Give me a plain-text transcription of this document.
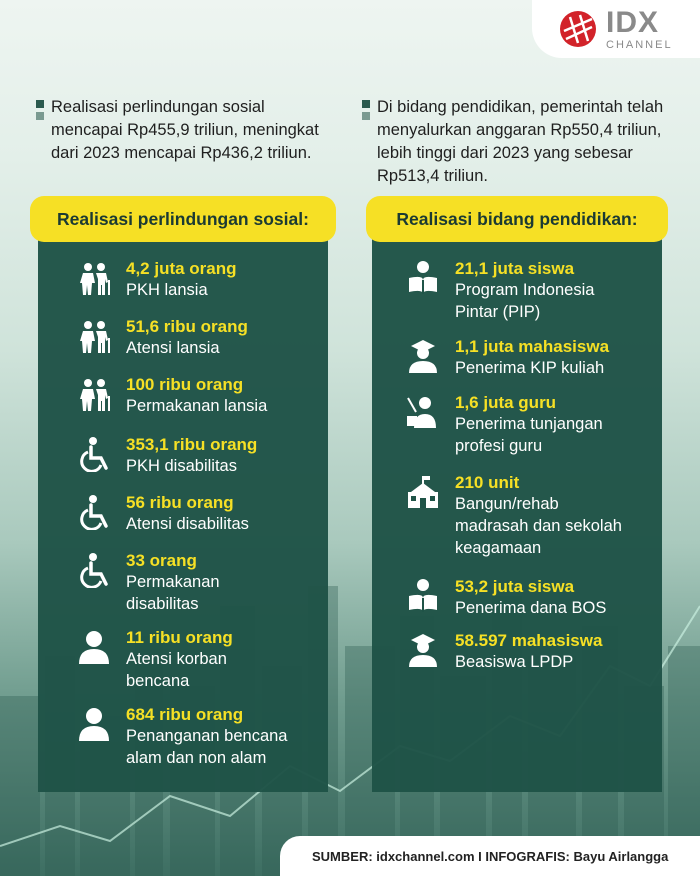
IDX
CHANNEL

Realisasi perlindungan sosial mencapai Rp455,9 triliun, meningkat dari 2023 mencapai Rp436,2 triliun.

Di bidang pendidikan, pemerintah telah menyalurkan anggaran Rp550,4 triliun, lebih tinggi dari 2023 yang sebesar Rp513,4 triliun.

Realisasi perlindungan sosial:	Realisasi bidang pendidikan:
4,2 juta orang
PKH lansia
51,6 ribu orang
Atensi lansia
100 ribu orang
Permakanan lansia
353,1 ribu orang
PKH disabilitas
56 ribu orang
Atensi disabilitas
33 orang
Permakanan disabilitas
11 ribu orang
Atensi korban bencana
684 ribu orang
Penanganan bencana alam dan non alam
21,1 juta siswa
Program Indonesia Pintar (PIP)
1,1 juta mahasiswa
Penerima KIP kuliah
1,6 juta guru
Penerima tunjangan profesi guru
210 unit
Bangun/rehab madrasah dan sekolah keagamaan
53,2 juta siswa
Penerima dana BOS
58.597 mahasiswa
Beasiswa LPDP
SUMBER: idxchannel.com I INFOGRAFIS: Bayu Airlangga
